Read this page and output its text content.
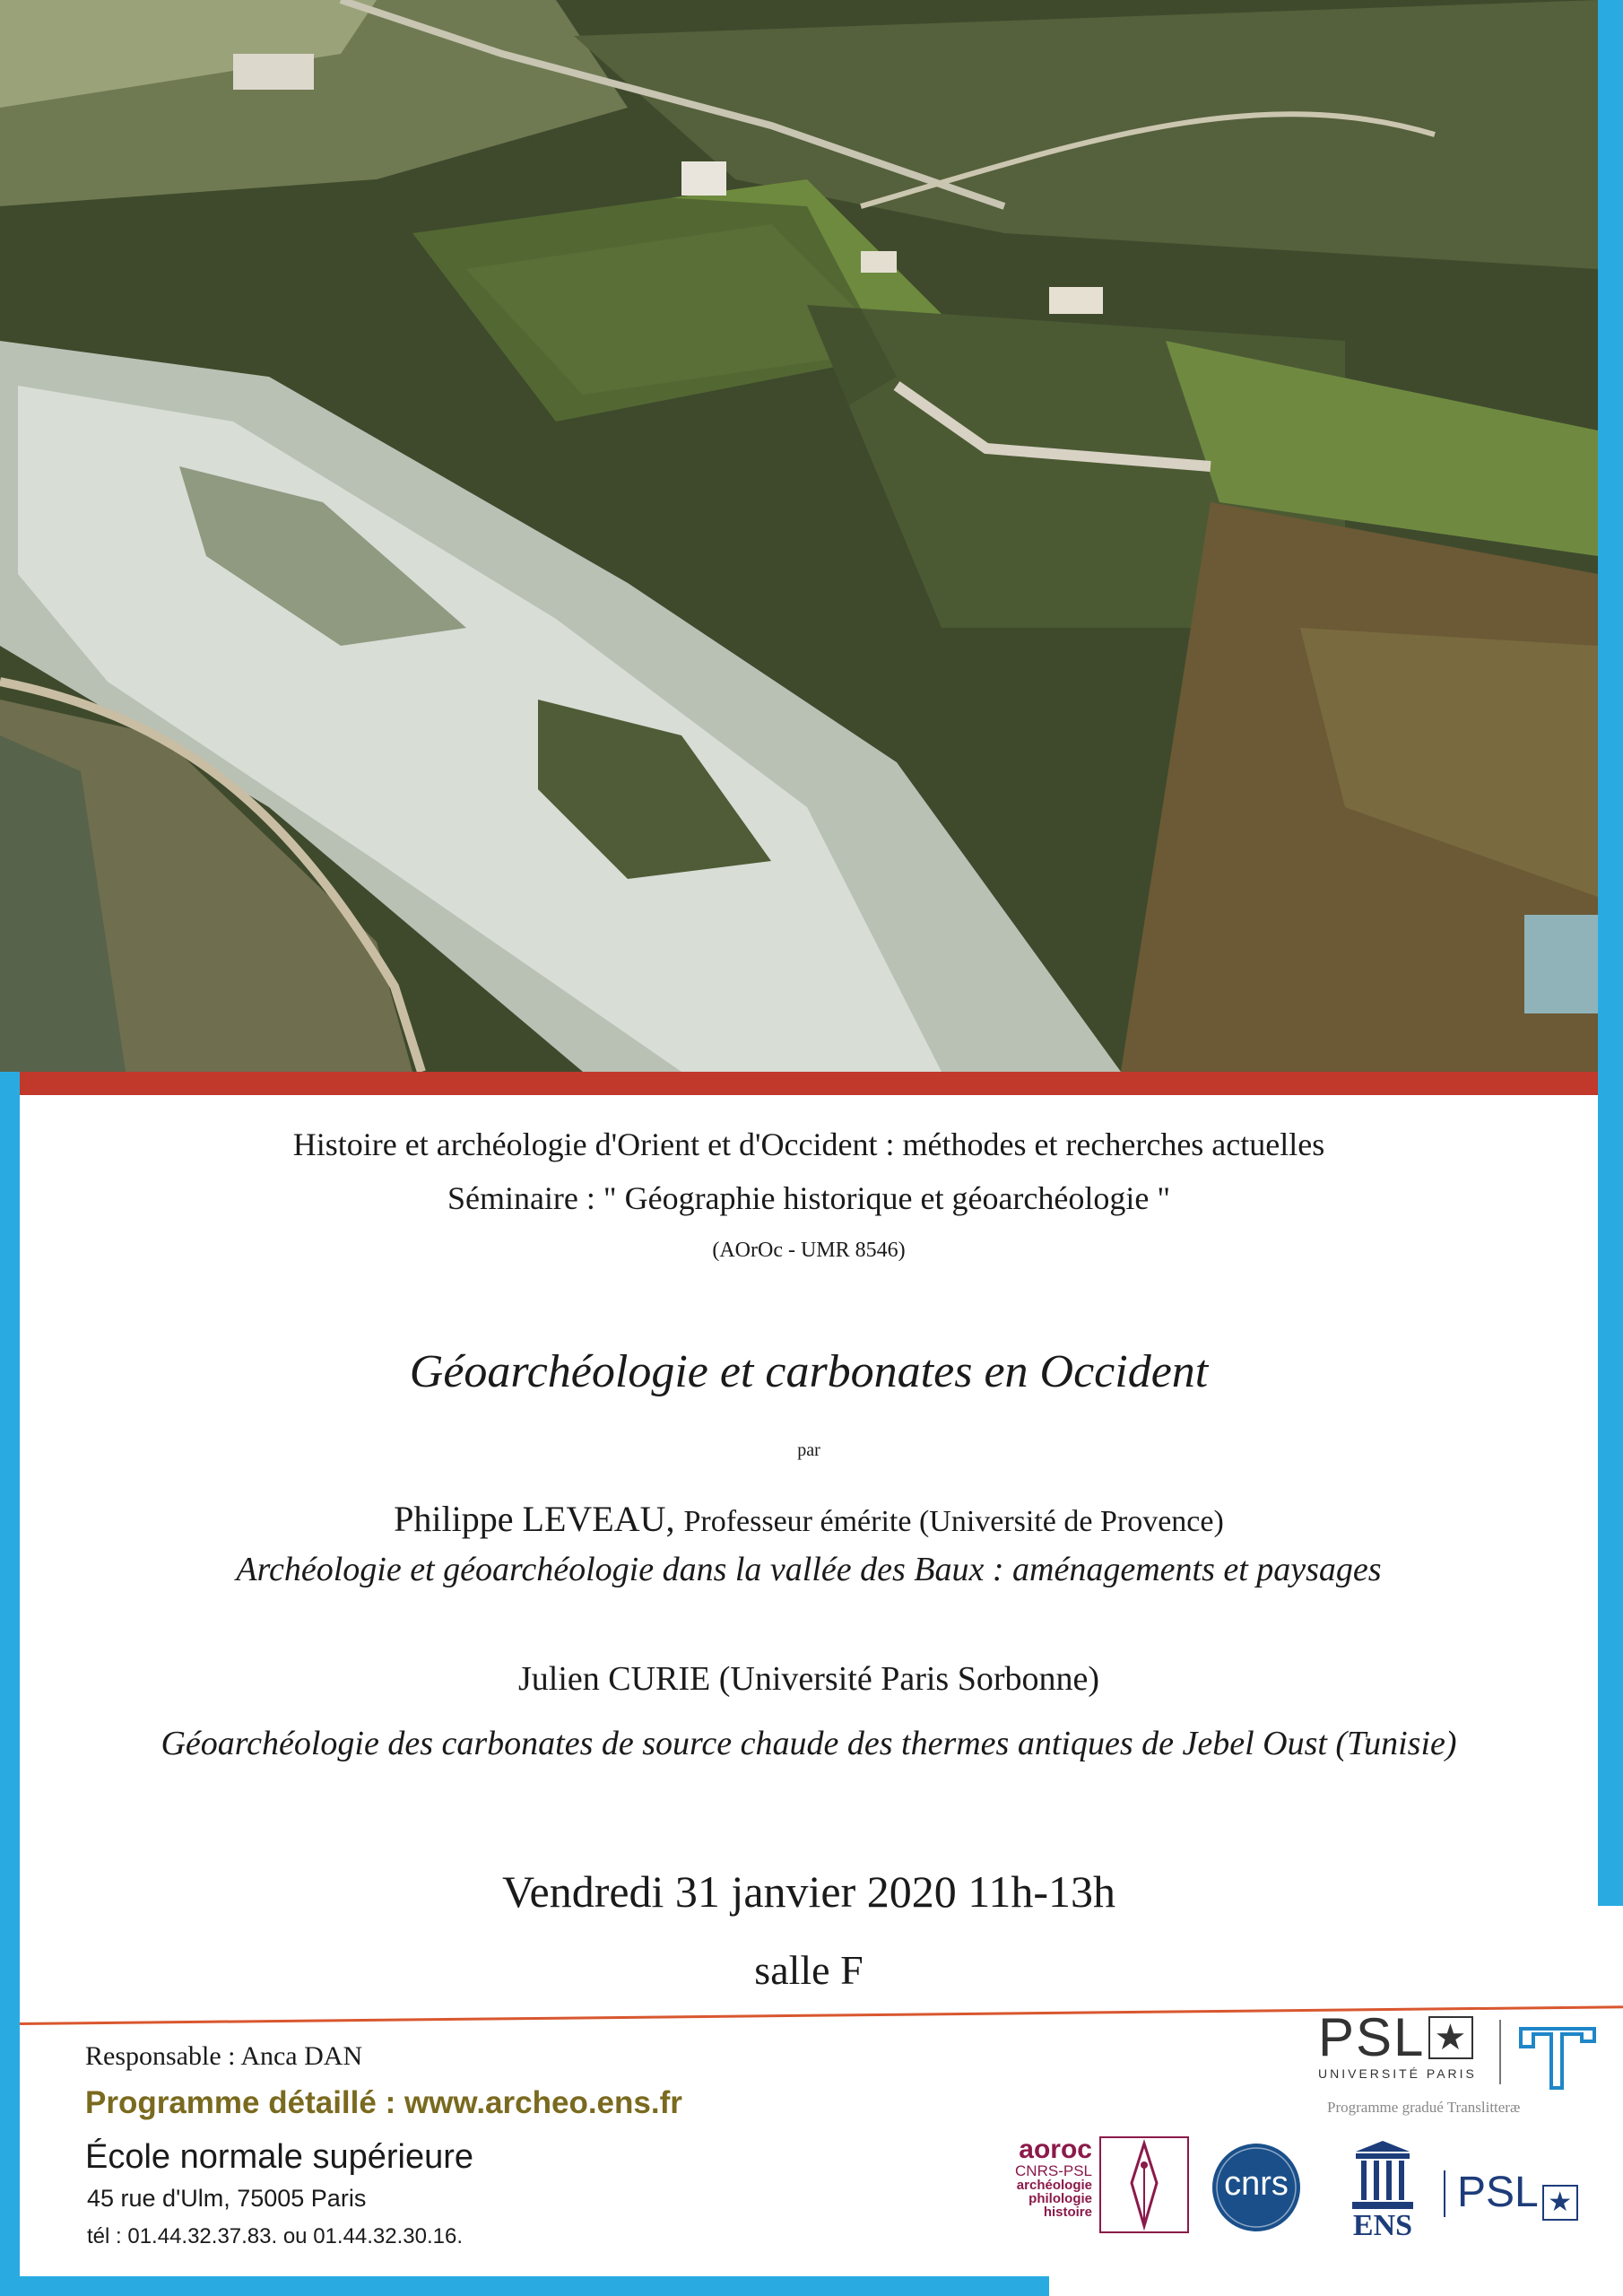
Histoire et archéologie d'Orient et d'Occident : méthodes et recherches actuelles
Séminaire : " Géographie historique et géoarchéologie "
(AOrOc - UMR 8546)
Géoarchéologie et carbonates en Occident
par
Philippe LEVEAU, Professeur émérite (Université de Provence)
Archéologie et géoarchéologie dans la vallée des Baux : aménagements et paysages
Julien CURIE (Université Paris Sorbonne)
Géoarchéologie des carbonates de source chaude des thermes antiques de Jebel Oust (Tunisie)
Vendredi 31 janvier 2020 11h-13h
salle F
Responsable : Anca DAN
Programme détaillé : www.archeo.ens.fr
École normale supérieure
45 rue d'Ulm, 75005 Paris
tél : 01.44.32.37.83. ou 01.44.32.30.16.
PSL ★
UNIVERSITÉ PARIS
Programme gradué Translitteræ
aoroc
CNRS-PSL
archéologie
philologie
histoire
cnrs
ENS
PSL ★
